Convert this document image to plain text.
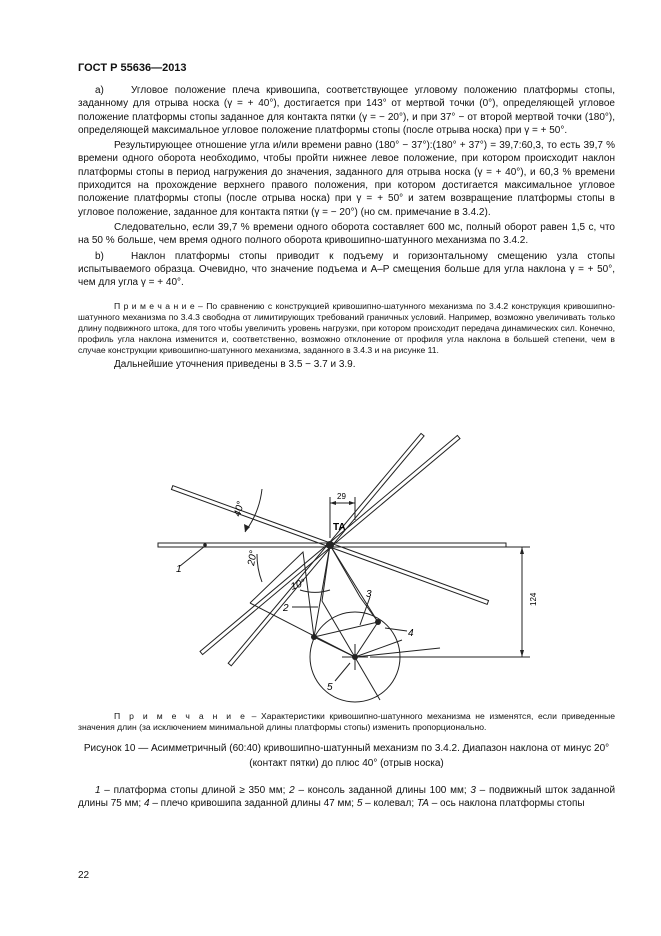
ГОСТ Р 55636—2013

a)	Угловое положение плеча кривошипа, соответствующее угловому положению платформы стопы, заданному для отрыва носка (γ = + 40°), достигается при 143° от мертвой точки (0°), определяющей угловое положение платформы стопы заданное для контакта пятки (γ = − 20°), и при 37° − от второй мертвой точки (180°), определяющей максимальное угловое положение платформы стопы (после отрыва носка) при γ = + 50°.

Результирующее отношение угла и/или времени равно (180° − 37°):(180° + 37°) = 39,7:60,3, то есть 39,7 % времени одного оборота необходимо, чтобы пройти нижнее левое положение, при котором происходит наклон платформы стопы в период нагружения до значения, заданного для отрыва носка (γ = + 40°), и 60,3 % времени приходится на прохождение верхнего правого положения, при котором достигается максимальное угловое положение платформы стопы (после отрыва носка) при γ = + 50° и затем возвращение платформы стопы в угловое положение, заданное для контакта пятки (γ = − 20°) (но см. примечание в 3.4.2).

Следовательно, если 39,7 % времени одного оборота составляет 600 мс, полный оборот равен 1,5 с, что на 50 % больше, чем время одного полного оборота кривошипно-шатунного механизма по 3.4.2.

b)	Наклон платформы стопы приводит к подъему и горизонтальному смещению узла стопы испытываемого образца. Очевидно, что значение подъема и A–P смещения больше для угла наклона γ = + 50°, чем для угла γ = + 40°.

П р и м е ч а н и е – По сравнению с конструкцией кривошипно-шатунного механизма по 3.4.2 конструкция кривошипно-шатунного механизма по 3.4.3 свободна от лимитирующих требований граничных условий. Например, возможно увеличивать только длину подвижного штока, для того чтобы увеличить уровень нагрузки, при котором происходит передача динамических сил. Конечно, профиль угла наклона изменится и, соответственно, возможно отклонение от профиля угла наклона в большей степени, чем в случае конструкции кривошипно-шатунного механизма, заданного в 3.4.3 и на рисунке 11.

Дальнейшие уточнения приведены в 3.5 − 3.7 и 3.9.

29
124
TA
40°
20°
10°
1
2
3
4
5

П р и м е ч а н и е – Характеристики кривошипно-шатунного механизма не изменятся, если приведенные значения длин (за исключением минимальной длины платформы стопы) изменить пропорционально.

Рисунок 10 — Асимметричный (60:40) кривошипно-шатунный механизм по 3.4.2. Диапазон наклона от минус 20° (контакт пятки) до плюс 40° (отрыв носка)
1 – платформа стопы длиной ≥ 350 мм; 2 – консоль заданной длины 100 мм; 3 – подвижный шток заданной длины 75 мм; 4 – плечо кривошипа заданной длины 47 мм; 5 – колевал; TA – ось наклона платформы стопы
22
